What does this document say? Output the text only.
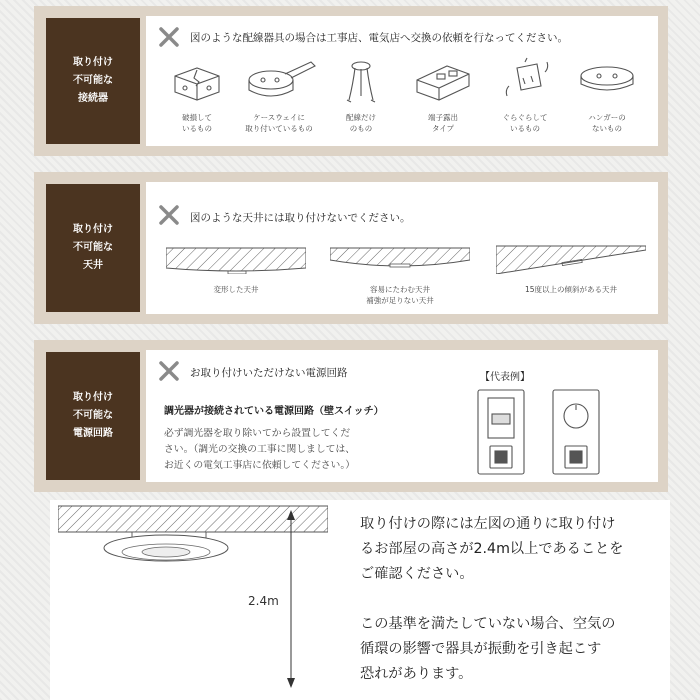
取り付け
不可能な
接続器
図のような配線器具の場合は工事店、電気店へ交換の依頼を行なってください。
破損して
いるもの
ケースウェイに
取り付いているもの
配線だけ
のもの
端子露出
タイプ
ぐらぐらして
いるもの
ハンガーの
ないもの
取り付け
不可能な
天井
図のような天井には取り付けないでください。
変形した天井	容易にたわむ天井
補強が足りない天井
15度以上の傾斜がある天井
取り付け
不可能な
電源回路
お取り付けいただけない電源回路
調光器が接続されている電源回路（壁スイッチ）
必ず調光器を取り除いてから設置してくだ
さい。（調光の交換の工事に関しましては、
お近くの電気工事店に依頼してください。）
【代表例】
2.4m

取り付けの際には左図の通りに取り付け

るお部屋の高さが2.4m以上であることを

ご確認ください。

この基準を満たしていない場合、空気の

循環の影響で器具が振動を引き起こす

恐れがあります。
